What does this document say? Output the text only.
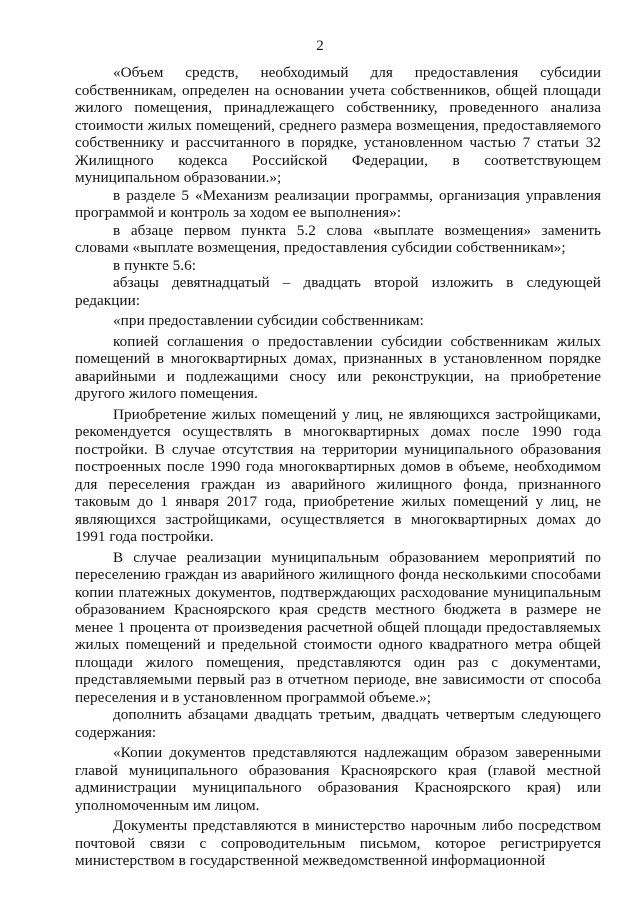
2

«Объем средств, необходимый для предоставления субсидии собственникам, определен на основании учета собственников, общей площади жилого помещения, принадлежащего собственнику, проведенного анализа стоимости жилых помещений, среднего размера возмещения, предоставляемого собственнику и рассчитанного в порядке, установленном частью 7 статьи 32 Жилищного кодекса Российской Федерации, в соответствующем муниципальном образовании.»;

в разделе 5 «Механизм реализации программы, организация управления программой и контроль за ходом ее выполнения»:

в абзаце первом пункта 5.2 слова «выплате возмещения» заменить словами «выплате возмещения, предоставления субсидии собственникам»;

в пункте 5.6:

абзацы девятнадцатый – двадцать второй изложить в следующей редакции:

«при предоставлении субсидии собственникам:

копией соглашения о предоставлении субсидии собственникам жилых помещений в многоквартирных домах, признанных в установленном порядке аварийными и подлежащими сносу или реконструкции, на приобретение другого жилого помещения.

Приобретение жилых помещений у лиц, не являющихся застройщиками, рекомендуется осуществлять в многоквартирных домах после 1990 года постройки. В случае отсутствия на территории муниципального образования построенных после 1990 года многоквартирных домов в объеме, необходимом для переселения граждан из аварийного жилищного фонда, признанного таковым до 1 января 2017 года, приобретение жилых помещений у лиц, не являющихся застройщиками, осуществляется в многоквартирных домах до 1991 года постройки.

В случае реализации муниципальным образованием мероприятий по переселению граждан из аварийного жилищного фонда несколькими способами копии платежных документов, подтверждающих расходование муниципальным образованием Красноярского края средств местного бюджета в размере не менее 1 процента от произведения расчетной общей площади предоставляемых жилых помещений и предельной стоимости одного квадратного метра общей площади жилого помещения, представляются один раз с документами, представляемыми первый раз в отчетном периоде, вне зависимости от способа переселения и в установленном программой объеме.»;

дополнить абзацами двадцать третьим, двадцать четвертым следующего содержания:

«Копии документов представляются надлежащим образом заверенными главой муниципального образования Красноярского края (главой местной администрации муниципального образования Красноярского края) или уполномоченным им лицом.

Документы представляются в министерство нарочным либо посредством почтовой связи с сопроводительным письмом, которое регистрируется министерством в государственной межведомственной информационной
